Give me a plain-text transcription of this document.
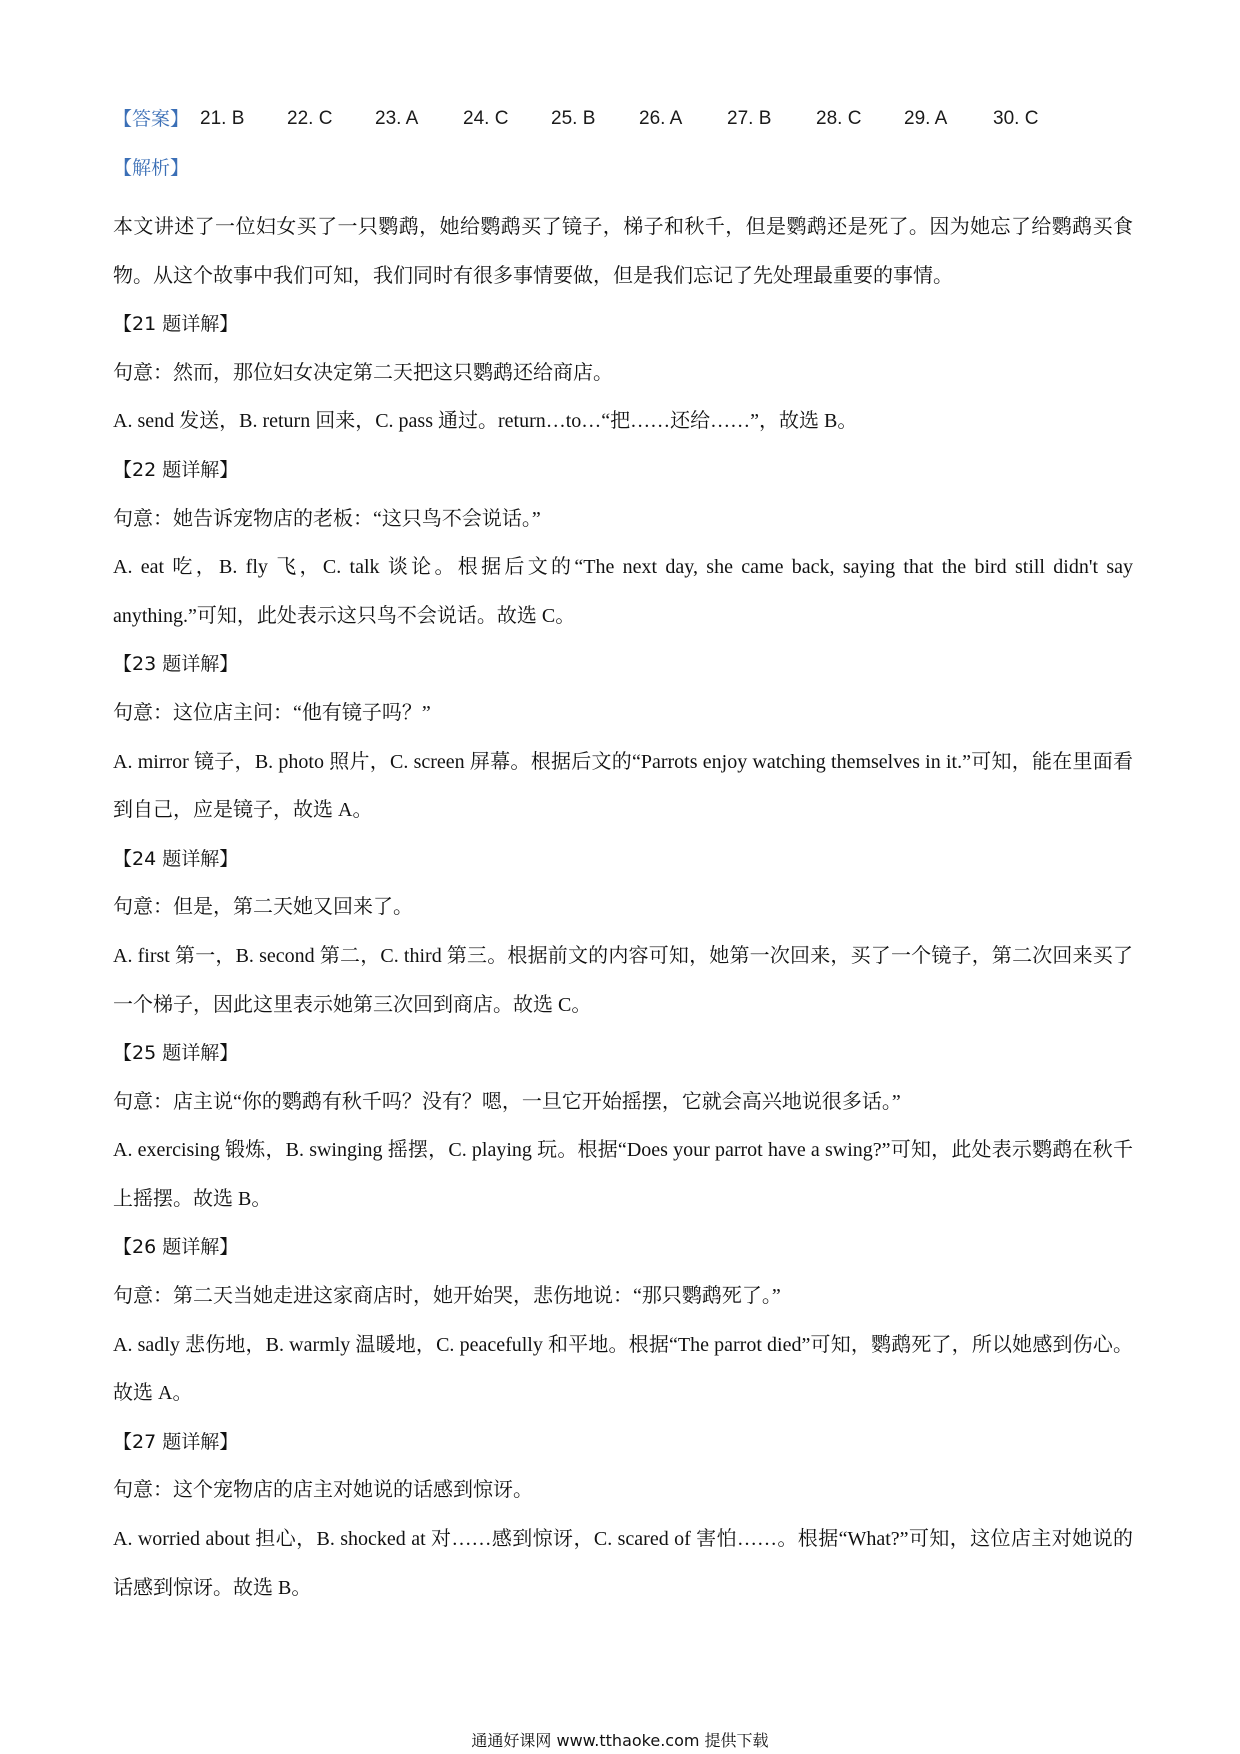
【答案】 21. B 22. C 23. A 24. C 25. B 26. A 27. B 28. C 29. A 30. C
【解析】

本文讲述了一位妇女买了一只鹦鹉，她给鹦鹉买了镜子，梯子和秋千，但是鹦鹉还是死了。因为她忘了给鹦鹉买食物。从这个故事中我们可知，我们同时有很多事情要做，但是我们忘记了先处理最重要的事情。

【21 题详解】

句意：然而，那位妇女决定第二天把这只鹦鹉还给商店。

A. send 发送，B. return 回来，C. pass 通过。return…to…“把……还给……”，故选 B。

【22 题详解】

句意：她告诉宠物店的老板：“这只鸟不会说话。”

A. eat 吃，B. fly 飞，C. talk 谈论。根据后文的“The next day, she came back, saying that the bird still didn't say anything.”可知，此处表示这只鸟不会说话。故选 C。

【23 题详解】

句意：这位店主问：“他有镜子吗？”

A. mirror 镜子，B. photo 照片，C. screen 屏幕。根据后文的“Parrots enjoy watching themselves in it.”可知，能在里面看到自己，应是镜子，故选 A。

【24 题详解】

句意：但是，第二天她又回来了。

A. first 第一，B. second 第二，C. third 第三。根据前文的内容可知，她第一次回来，买了一个镜子，第二次回来买了一个梯子，因此这里表示她第三次回到商店。故选 C。

【25 题详解】

句意：店主说“你的鹦鹉有秋千吗？没有？嗯，一旦它开始摇摆，它就会高兴地说很多话。”

A. exercising 锻炼，B. swinging 摇摆，C. playing 玩。根据“Does your parrot have a swing?”可知，此处表示鹦鹉在秋千上摇摆。故选 B。

【26 题详解】

句意：第二天当她走进这家商店时，她开始哭，悲伤地说：“那只鹦鹉死了。”

A. sadly 悲伤地，B. warmly 温暖地，C. peacefully 和平地。根据“The parrot died”可知，鹦鹉死了，所以她感到伤心。故选 A。

【27 题详解】

句意：这个宠物店的店主对她说的话感到惊讶。

A. worried about 担心，B. shocked at 对……感到惊讶，C. scared of 害怕……。根据“What?”可知，这位店主对她说的话感到惊讶。故选 B。

通通好课网 www.tthaoke.com 提供下载
